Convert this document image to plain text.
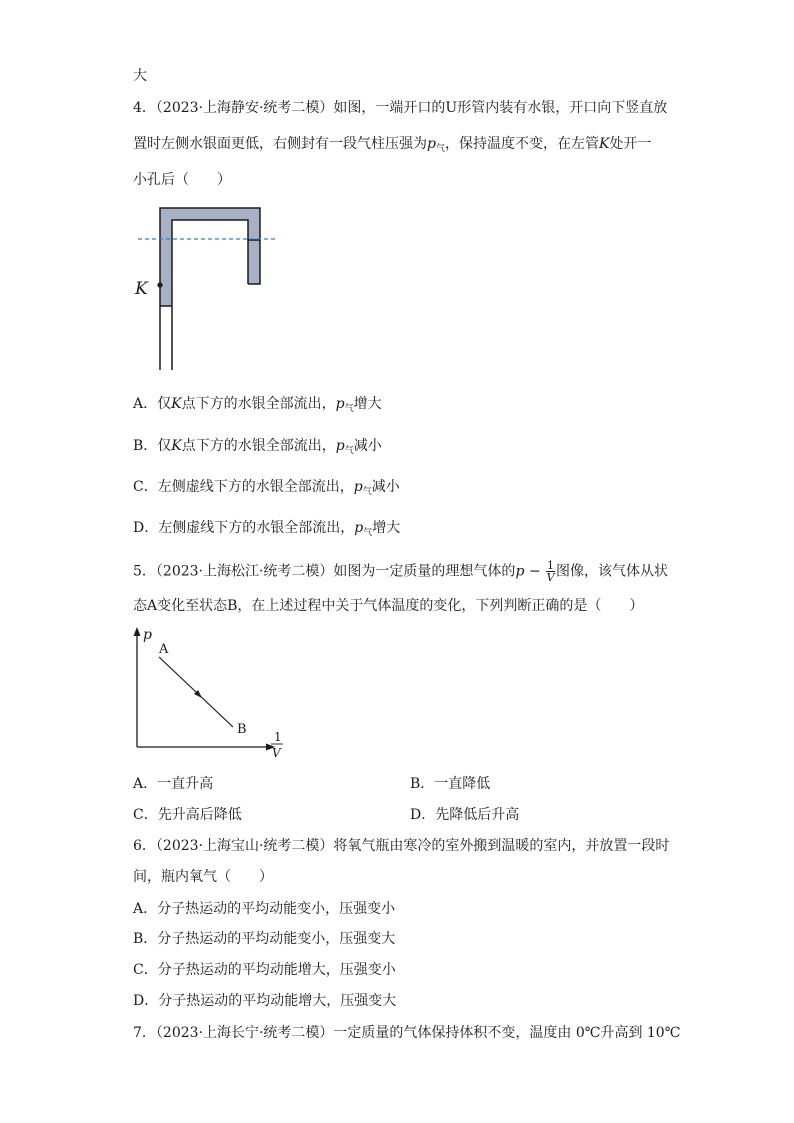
大
4．（2023·上海静安·统考二模）如图，一端开口的U形管内装有水银，开口向下竖直放
置时左侧水银面更低，右侧封有一段气柱压强为$p_气$，保持温度不变，在左管K处开一
小孔后（　　）
K
A．仅K点下方的水银全部流出，$p_气$增大
B．仅K点下方的水银全部流出，$p_气$减小
C．左侧虚线下方的水银全部流出，$p_气$减小
D．左侧虚线下方的水银全部流出，$p_气$增大
5．（2023·上海松江·统考二模）如图为一定质量的理想气体的$p - \frac{1}{V}$ 图像，该气体从状
态A变化至状态B，在上述过程中关于气体温度的变化，下列判断正确的是（　　）
p
A
B 1
V
A．一直升高	B．一直降低
C．先升高后降低	D．先降低后升高
6．（2023·上海宝山·统考二模）将氧气瓶由寒冷的室外搬到温暖的室内，并放置一段时
间，瓶内氧气（　　）
A．分子热运动的平均动能变小，压强变小
B．分子热运动的平均动能变小，压强变大
C．分子热运动的平均动能增大，压强变小
D．分子热运动的平均动能增大，压强变大
7．（2023·上海长宁·统考二模）一定质量的气体保持体积不变，温度由 0℃升高到 10℃
